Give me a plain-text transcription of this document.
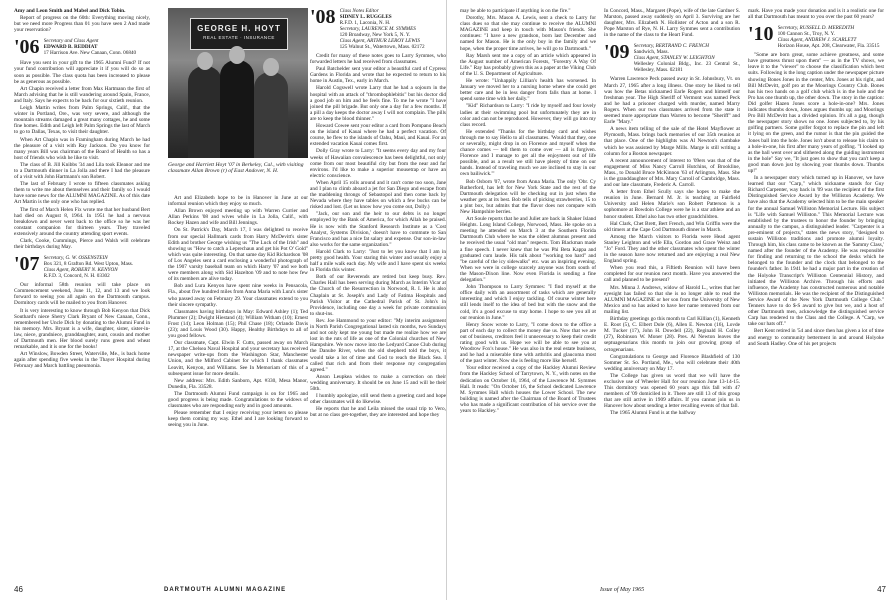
Amy and Leon Smith and Mabel and Dick Tobin.

Report of progress on the 60th: Everything moving nicely, but we need more Progress than 01 you have seen 2 And made your reservation?

'06 Secretary and Class Agent
EDWARD B. REDDIAT
17 Harrison Ave. New Canaan, Conn. 06840

Have you sent in your gift to the 1965 Alumni Fund? If not your fund contribution will appreciate it if you will do so as soon as possible. The class quota has been increased to please be as generous as possible.

Art Chapin received a letter from Max Hartmann the first of March advising that he is still wandering around Spain, France, and Italy. Says he expects to be back for our sixtieth reunion.

Leigh Martin writes from Palm Springs, Calif., that the winter in Portland, Ore., was very severe, and although the mountain streams damaged a great many cottages, he and some fine homes. Edith and Leigh left Palm Springs the last of March to go to Dallas, Texas, to visit their daughter.

When Art Chapin was in Framingham during March he had the pleasure of a visit with Ray Jackson. Do you know for many years Bill was chairman of the Board of Health so has a host of friends who wish he like to visit.

The class of B. Jill Knibbs '34 and Lila took Eleanor and me to a Dartmouth dinner in La Jolla and there I had the pleasure of a visit with John Hartmann's son Robert.

The last of February I wrote to fifteen classmates asking them to write me about themselves and their family so I would have some news for the ALUMNI MAGAZINE. As of this date Art Martin is the only one who has replied.

The first of March Helen Fix wrote me that her husband Bert had died on August 8, 1964. In 1951 he had a nervous breakdown and never went back to the office so he was her constant companion for thirteen years. They traveled extensively around the country attending sport events.

Clark, Cooke, Cummings, Pierce and Walsh will celebrate their birthdays during May.

'07 Secretary, G. W. OSSENSTEIN
Box 321, 8 Grafton Rd. West Upton, Mass.
Class Agent, ROBERT N. KENYON
R.F.D. 3, Concord, N. H. 03302

Our informal 58th reunion will take place on Commencement weekend, June 11, 12, and 13 and we look forward to seeing you all again on the Dartmouth campus. Dormitory cards will be mailed to you from Hanover.

It is very interesting to know through Bob Kenyon that Dick Southard's niece Sherry Clark Bryant of New Canaan, Conn., remembered her Uncle Dick by donating to the Alumni Fund in his memory. Mrs. Bryant is a wife, daughter, sister, sister-in-law, niece, grandniece, granddaughter, aunt, cousin and mother of Dartmouth men. Her blood surely runs green and wheat remarkable, and it is one for the books!

Art Winslow, Bowden Street, Waterville, Me., is back home again after spending five weeks in the Thayer Hospital during February and March battling pneumonia.

GEORGE H. HOYT
REAL ESTATE · INSURANCE
George and Harriett Hoyt '07 in Berkeley, Cal., with visiting classmate Allan Brown (r) of East Andover, N. H.

Art and Elizabeth hope to be in Hanover in June at our informal reunion which they enjoy so much.

Allan Brown enjoyed meeting up with Warren Currier and Allan Perkins '08 and wives while in La Jolla, Calif., with Rockey Hazen and wife and Bill Jennings.

On St. Patrick's Day, March 17, I was delighted to receive from our special Hallmark cards from Harry McDevitt's sister Edith and brother George wishing us "The Luck of the Irish" and showing us "How to catch a Leprechaun and get his Pot O' Gold" which was quite interesting. On that same day Kid Richardson '08 of Los Angeles sent a card enclosing a wonderful photograph of the 1907 varsity baseball team on which Harry '07 and we both were members along with Sid Hazelton '09 and to note how few of its members are alive today.

Bob and Lura Kenyon have spent nine weeks in Pensacola, Fla., about five hundred miles from Anna Maria with Lura's sister who passed away on February 29. Your classmates extend to you their sincere sympathy.

Classmates having birthdays in May: Edward Ashley (1); Ted Plummer (2); Dwight Hiestand (4); William Witham (10); Ernest Frost (14); Leon Holman (15); Phil Chase (18); Orlando Davis (23); and Louis Wood (30). Happy, Healthy Birthdays to all of you good fellows.

Our classmate, Capt. Elwin F. Cutts, passed away on March 17, at the Chelsea Naval Hospital and your secretary has received newspaper write-ups from the Washington Star, Manchester Union, and the Milford Cabinet for which I thank classmates Leavitt, Kenyon, and Williams. See In Memoriam of this of a subsequent issue for more details.

New address: Mrs. Edith Sanborn, Apt. #330, Mesa Manor, Dunedin, Fla. 33528.

The Dartmouth Alumni Fund campaign is on for 1965 and good progress is being made. Congratulations to the widows of classmates who are responding early and in good amounts.

Please remember that I enjoy receiving your letters so please keep them coming my way. Ethel and I are looking forward to seeing you in June.

'08 Class Notes Editor
SIDNEY L. RUGGLES
R.F.D. 1, Laconia, N. H.
Secretary, LAURENCE M. SYMMES
120 Broadway, New York 5, N. Y.
Class Agent, ARTHUR LEROY LEWIS
125 Walnut St., Watertown, Mass. 02172

Credit for many of these notes goes to Larry Symmes, who forwarded letters he had received from classmates.

Paul Batchelder sent your editor a beautiful card of Cypress Gardens in Florida and wrote that he expected to return to his home in Austin, Tex., early in March.

Harold Cogswell wrote Larry that he had a sojourn in the hospital with an attack of "thrombophlebitis" but his doctor did a good job on him and he feels fine. To me he wrote "I have joined the pill brigade. But only one a day for a few months. If a pill a day keeps the doctor away I will not complain. The pills are to keep the blood thinner."

Howard Cowee sent your editor a card from Pompano Beach on the island of Kauai where he had a perfect vacation. Of course, he flew to the islands of Oahu, Maui, and Kauai. For an extended vacation Kauai comes first.

Dolly Gray wrote to Larry: "It seems every day and my four weeks of Hawaiian convalescence has been delightful, not only come from our most beautiful city but from the near and far environs. I'd like to make a superior mousetrap or have an electric conscience.

When April 15 rolls around and it can't come too soon, Jane and I plan to climb aboard a jet for San Diego and escape from the maddening throngs of Sebastopol and then come back by Nevada where they have tables on which a few bucks can be risked and lost. (Let us know how you come out, Dolly.)

"Jack, our son and the heir to our debts is no longer employed by the Bank of America, for which Allah be praised. He is now with the Stanford Research Institute as a 'Cost Analyst, Systems Division,' doesn't have to commute to San Francisco and has a nice fat salary and expense. Our son-in-law also works for the same organization."

Harold Clark to Larry: "Just to let you know that I am in pretty good health. Your staring this winter and usually enjoy a half a mile walk each day. My wife and I have spent six weeks in Florida this winter.

Both of our Reverends are retired but keep busy. Rev. Charles Hall has been serving during March as Interim Vicar at the Church of the Resurrection in Norwood, R. I. He is also Chaplain at St. Joseph's and Lady of Fatima Hospitals and Parish Visitor at the Cathedral Parish of St. John's in Providence, including one day a week for private communion to shut-ins.

Rev. Joe Hammond to your editor: "My interim assignment in North Parish Congregational lasted six months, two Sundays and not only kept me young but made me realize how we are lost in the ruts of life as one of the Colonial churches of New Hampshire. We now move into the Ledyard Canoe Club during the Danube River, when the old shepherd told the boys, it would take a lot of time and God to reach the Black Sea. I called that rich and from their response my congregation agreed."

Anson Leupkea wishes to make a correction on their wedding anniversary. It should be on June 15 and will be their 50th.

I humbly apologize, still send them a greeting card and hope other classmates will do likewise.

He reports that he and Leila missed the usual trip to Vero, but at no class get-together, they are interested and hope they

46	DARTMOUTH ALUMNI MAGAZINE

may be able to participate if anything is on the fire."

Dorothy, Mrs. Mason A. Lewis, sent a check to Larry for class dues so that she may continue to receive the ALUMNI MAGAZINE and keep in touch with Mason's friends. She continues: "I have a new grandson, born last December and named for Mason. He is the only boy in the family and we hope, when the proper time arrives, he will go to Dartmouth."

Ray Marsh sent me a copy of an article which appeared in the August number of American Forests, "Forestry A Way Of Life." Ray has probably given this as a paper at the Viking Club of the U. S. Department of Agriculture.

He wrote: "Unhappily Lillian's health has worsened. In January we moved her to a nursing home where she could get better care and be in less danger from falls than at home. I spend some time with her daily."

"Kid" Richardson to Larry: "I ride by myself and four lovely ladies at their swimming pool but unfortunately they are in color and can not be reproduced. However, they will go into my class record.

He extended "Thanks for the birthday card and wishes through me to say Hello to all classmates. 'Would that they, one or severally, might drop in on Florence and myself when the chance comes — tell them to come over — all is forgiven. Florence and I manage to get all the enjoyment out of life possible, and as a result we still have plenty of time on our hands. Instead of traveling much we are inclined to stay in our own bailiwick.'"

Bob Osborn '07, wrote from Anna Maria. The only 'Obr. Cy Rutherford, has left for New York State and the rest of the Dartmouth delegation will be checking out in just when the weather gets at its best. Bob tells of picking strawberries, 15 to a pint box, but admits that the flavor does not compare with New Hampshire berries.

Art Soule reports that he and Juliet are back in Shaker Island Heights. Long Island College, Norwood, Mass. He spoke on a meeting he attended on March 3 at the Southern Florida Dartmouth Club where he was the oldest alumnus present and he received the usual "old man" respects. Tom Blackman made a fine speech. I never knew that he was Phi Beta Kappa and graduated cum laude. His talk about "working too hard" and "be careful of the icy sidewalks" etc. was an inspiring evening. When we were in college scarcely anyone was from south of the Mason-Dixon line. Now even Florida is sending a fine delegation."

John Thompson to Larry Symmes: "I find myself at the office daily with an assortment of tasks which are generally interesting and which I enjoy tackling. Of course winter here still lends itself to the idea of bed but with the snow and the cold, it's a good excuse to stay home. I hope to see you all at our reunion in June."

Henry Snow wrote to Larry, "I come down to the office a part of each day to collect the money due us. Now that we are out of business, creditors feel it unnecessary to keep their credit rating good with us. Hope we will be able to see you at Woodrow Fox's house." He was also in the real estate business, and he had a miserable time with arthritis and glaucoma most of the past winter. Now she is feeling more like herself.

Your editor received a copy of the Hackley Alumni Review from the Hackley School of Tarrytown, N. Y., with notes on the dedication on October 16, 1964, of the Lawrence M. Symmes Hall. It reads: "On October 16, the School dedicated Lawrence M. Symmes Hall which houses the Lower School. The new building is named after the Chairman of the Board of Trustees who has made a significant contribution of his service over the years to Hackley."

In Concord, Mass., Margaret (Pope), wife of the late Gardner S. Marston, passed away suddenly on April 3. Surviving are her daughter, Mrs. Elizabeth N. Hollister of Acton and a son R. Pope Marston of Rye, N. H. Larry Symmes sent a contribution in the name of the class to the Heart Fund.

'09 Secretary, BERTRAND C. FRENCH
Sandwich, Mass.
Class Agent, STANLEY W. LEIGHTON
Wellesley Colonial Bldg., Inc. 23 Central St., Wellesley, Mass. 02181

Warren Lawrence Peck passed away in St. Johnsbury, Vt. on March 27, 1965 after a long illness. One story he liked to tell was how the Betas nicknamed Earle Rogers and himself our freshman year. The High Sheriff of Vermont was named Peck and he had a prisoner charged with murder, named Marry Rogers. When our two classmates arrived from the state it seemed more appropriate than Warren to become "Sheriff" and Earle "Mary."

A news item telling of the sale of the Hotel Mayflower at Plymouth, Mass. brings back memories of our 35th reunion at that place. One of the highlights was Al Newton's clambake which he was assisted by Marge Mills. Marge is still writing a column for a Boston newspaper.

A recent announcement of interest to '09ers was that of the engagement of Miss Nancy Carroll Hutchins, of Brookline, Mass., to Donald Bruce McKinnon '63 of Arlington, Mass. She is the granddaughter of Mrs. Mary Carroll of Cambridge, Mass. and our late classmate, Frederic A. Carroll.

A letter from Ethel Scully says she hopes to make the reunion in June. Bernard M. Jr. is teaching at Fairfield University and Helen Marie's son Robert Patterson is a sophomore at Bowdoin College were he is a star athlete and an honor student. Ethel also has two other grandchildren.

Hal Clark, Chet Brett, Bert French, and Win Griffin were the old timers at the Cape Cod Dartmouth dinner in March.

Among the March visitors to Florida were Head agent Stanley Leighton and wife Ella, Gordon and Grace Weinz and "Jo" Ford. They and the other classmates who spent the winter in the season have now returned and are enjoying a real New England spring.

When you read this, a Fiftieth Reunion will have been completed for our reunion next month. Have you answered the call and planned to be present?

Mrs. Minna J. Andrews, widow of Harold L., writes that her eyesight has failed so that she is no longer able to read the ALUMNI MAGAZINE or her son from the University of New Mexico and so has asked to have her name removed from our mailing list.

Birthday greetings go this month to Carl Killian (1), Kenneth E. Root (5), C. Elbert Dole (6), Allen E. Newton (16), Lovde M. Tucker (17), John H. Dowdell (22), Reginald H. Colley (27), Robinson W. Moner (28). Pres. Al Newton leaves the septuagenarians this month to join our growing group of octogenarians.

Congratulations to George and Florence Blashfield of 130 Sommer St. So. Portland, Me., who will celebrate their 40th wedding anniversary on May 17.

The College has given us word that we will have the exclusive use of Wheeler Hall for our reunion June 13-14-15. This dormitory was opened 60 years ago this fall with 47 members of '09 domiciled in it. There are still 13 of this group that are still active in 1909 affairs. If you cannot join us in Hanover how about sending a letter recalling events of that fall.

The 1965 Alumni Fund is at the halfway

mark. Have you made your donation and is it a realistic one for all that Dartmouth has meant to you over the past 60 years?

'10 Secretary, RUSSELL D. MEREDITH
100 Cannon St., Troy, N. Y.
Class Agent, ANDREW J. SCARLETT
Horizon House, Apt. 208, Clearwater, Fla. 33515

"Some are born great, some achieve greatness, and some have greatness thrust upon them" — as in the TV shows, we leave it to the "viewer" to choose the classification which best suits. Following is the long caption under the newspaper picture showing Bones Jones in the center, Mrs. Jones at his right, and Bill McDevitt, golf pro at the Moorings Country Club. Bones has his two hands on a golf club which is in the hole and the Pro has one thumb up, the other down. The story in the caption: Did golfer Hazen Jones score a hole-in-one? Mrs. Jones indicates thumbs down, Jones argues thumbs up; and Moorings Pro Bill McDevitt has a divided opinion. It's all a gag, though the newspaper story shows no one. Jones subjected to, by his golfing partners. Some golfer forgot to replace the pin and left it lying on the green, and the rumor is that the pin guided the Jones ball into the hole. Jones isn't about to release his claim to a hole-in-one, his first after many years of golfing. "I looked up as the ball went over and slithered along the guiding instrument in the hole" Say we, "It just goes to show that you can't keep a good man down just by showing your thumbs down. Thumbs up!"

In a newspaper story which turned up in Hanover, we have learned that our "Carp," which nickname stands for Guy Richard Carpenter, way back in '09 was the recipient of the first Distinguished Service Award by the Williston Academy. We have also that the Academy selected him to be the main speaker for the annual Samuel Williston Memorial Lecture. His subject is "Life with Samuel Williston." This Memorial Lecture was established by the trustees to honor the founder by bringing annually to the campus, a distinguished leader. "Carpenter is a pre-eminent of projects," states the news story, "designed to sustain Williston traditions and promote alumni loyalty. Through him, his class came to be known as the 'Sammy Class,' named after the founder of the Academy. He was responsible for finding and returning to the school the desks which he belonged to the founder and the clock that belonged to the founder's father. In 1941 he had a major part in the creation of the Holyoke Transcript's Williston Centennial History, and initiated the Williston Archive. Through his efforts and influence, the Academy has constructed numerous and notable Williston memorials. He was the recipient of the Distinguished Service Award of the New York Dartmouth College Club." Tenners have to do $-S award to give but we, and a host of other Dartmouth men, acknowledge the distinguished service Carp has rendered to the Class and the College. A "Carp, we take our hats off."

Bert Kent retired in '54 and since then has given a lot of time and energy to community betterment in and around Holyoke and South Hadley. One of his pet projects

Issue of May 1965	47
